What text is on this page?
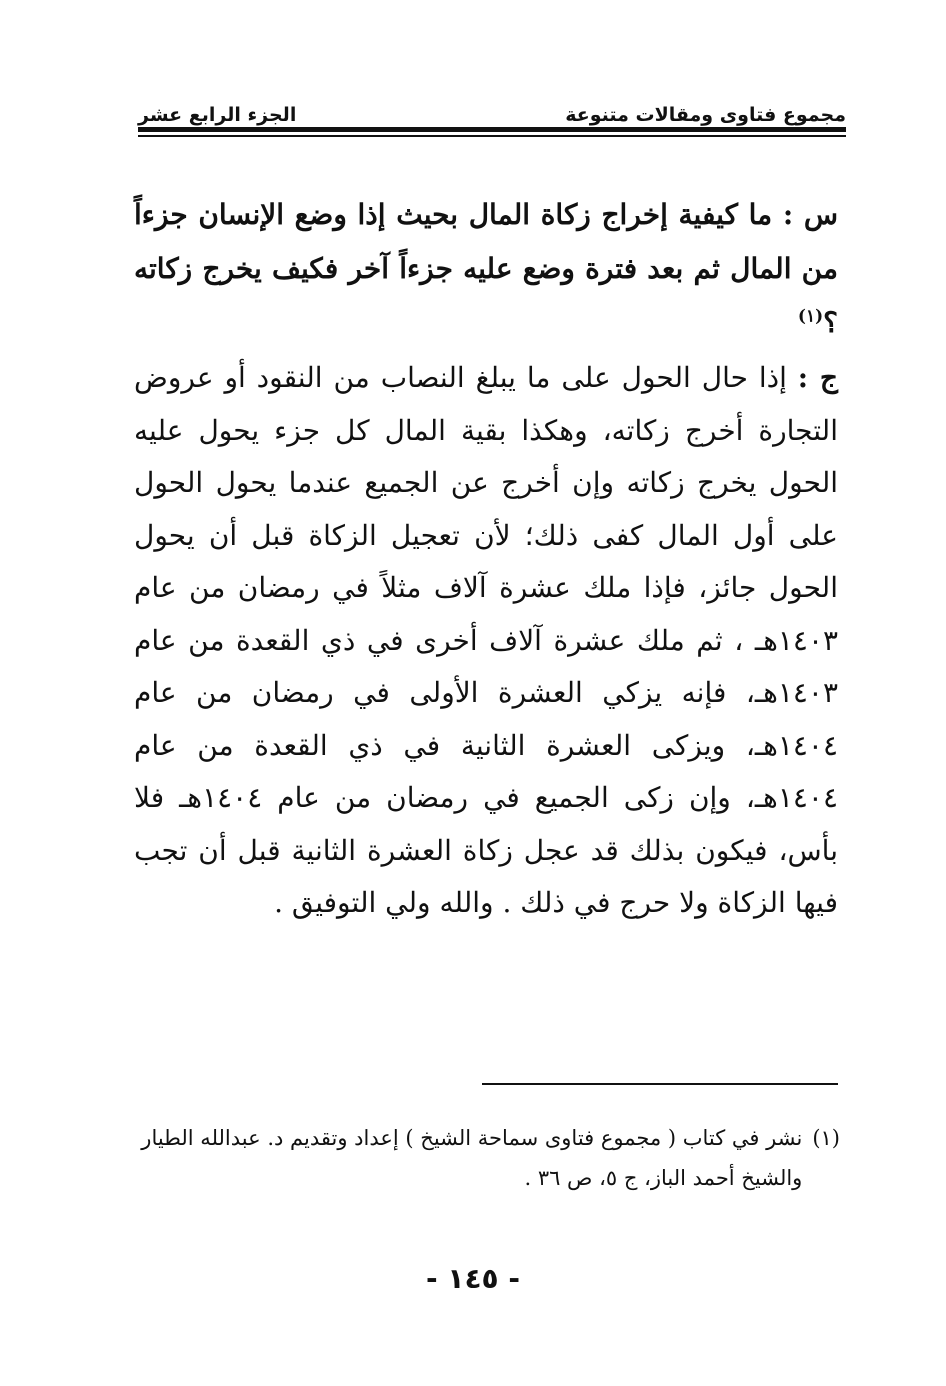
مجموع فتاوى ومقالات متنوعة
الجزء الرابع عشر
س : ما كيفية إخراج زكاة المال بحيث إذا وضع الإنسان جزءاً من المال ثم بعد فترة وضع عليه جزءاً آخر فكيف يخرج زكاته ؟$^{(١)}$
ج : إذا حال الحول على ما يبلغ النصاب من النقود أو عروض التجارة أخرج زكاته، وهكذا بقية المال كل جزء يحول عليه الحول يخرج زكاته وإن أخرج عن الجميع عندما يحول الحول على أول المال كفى ذلك؛ لأن تعجيل الزكاة قبل أن يحول الحول جائز، فإذا ملك عشرة آلاف مثلاً في رمضان من عام ١٤٠٣هـ ، ثم ملك عشرة آلاف أخرى في ذي القعدة من عام ١٤٠٣هـ، فإنه يزكي العشرة الأولى في رمضان من عام ١٤٠٤هـ، ويزكى العشرة الثانية في ذي القعدة من عام ١٤٠٤هـ، وإن زكى الجميع في رمضان من عام ١٤٠٤هـ فلا بأس، فيكون بذلك قد عجل زكاة العشرة الثانية قبل أن تجب فيها الزكاة ولا حرج في ذلك . والله ولي التوفيق .
(١)
نشر في كتاب ( مجموع فتاوى سماحة الشيخ ) إعداد وتقديم د. عبدالله الطيار والشيخ أحمد الباز، ج ٥، ص ٣٦ .
- ١٤٥ -
